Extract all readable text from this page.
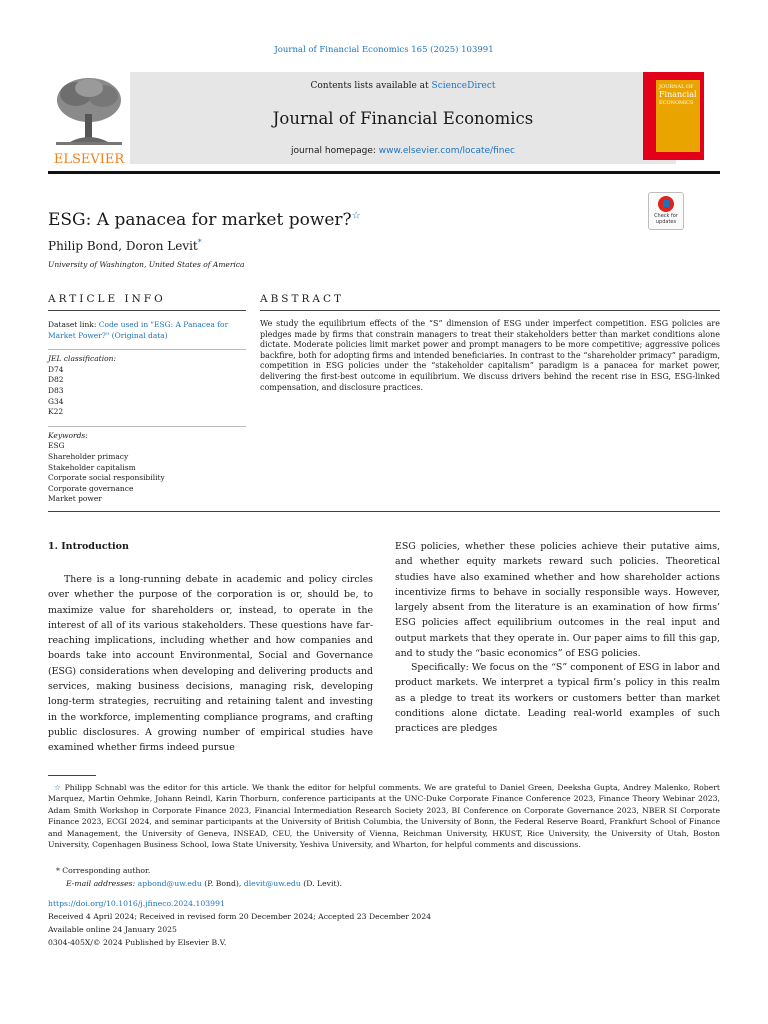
Journal of Financial Economics 165 (2025) 103991
ELSEVIER
Contents lists available at ScienceDirect
Journal of Financial Economics
journal homepage: www.elsevier.com/locate/finec
JOURNAL OF
Financial
ECONOMICS
ESG: A panacea for market power?☆	Check for
updates
Philip Bond, Doron Levit*
University of Washington, United States of America
ARTICLE INFO	ABSTRACT
Dataset link: Code used in "ESG: A Panacea for Market Power?" (Original data)
JEL classification:
D74
D82
D83
G34
K22
Keywords:
ESG
Shareholder primacy
Stakeholder capitalism
Corporate social responsibility
Corporate governance
Market power
We study the equilibrium effects of the “S” dimension of ESG under imperfect competition. ESG policies are pledges made by firms that constrain managers to treat their stakeholders better than market conditions alone dictate. Moderate policies limit market power and prompt managers to be more competitive; aggressive polices backfire, both for adopting firms and intended beneficiaries. In contrast to the “shareholder primacy” paradigm, competition in ESG policies under the “stakeholder capitalism” paradigm is a panacea for market power, delivering the first-best outcome in equilibrium. We discuss drivers behind the recent rise in ESG, ESG-linked compensation, and disclosure practices.
1. Introduction
There is a long-running debate in academic and policy circles over whether the purpose of the corporation is or, should be, to maximize value for shareholders or, instead, to operate in the interest of all of its various stakeholders. These questions have far-reaching implications, including whether and how companies and boards take into account Environmental, Social and Governance (ESG) considerations when developing and delivering products and services, making business decisions, managing risk, developing long-term strategies, recruiting and retaining talent and investing in the workforce, implementing compliance programs, and crafting public disclosures. A growing number of empirical studies have examined whether firms indeed pursue
ESG policies, whether these policies achieve their putative aims, and whether equity markets reward such policies. Theoretical studies have also examined whether and how shareholder actions incentivize firms to behave in socially responsible ways. However, largely absent from the literature is an examination of how firms’ ESG policies affect equilibrium outcomes in the real input and output markets that they operate in. Our paper aims to fill this gap, and to study the “basic economics” of ESG policies.
Specifically: We focus on the “S” component of ESG in labor and product markets. We interpret a typical firm’s policy in this realm as a pledge to treat its workers or customers better than market conditions alone dictate. Leading real-world examples of such practices are pledges
☆ Philipp Schnabl was the editor for this article. We thank the editor for helpful comments. We are grateful to Daniel Green, Deeksha Gupta, Andrey Malenko, Robert Marquez, Martin Oehmke, Johann Reindl, Karin Thorburn, conference participants at the UNC-Duke Corporate Finance Conference 2023, Finance Theory Webinar 2023, Adam Smith Workshop in Corporate Finance 2023, Financial Intermediation Research Society 2023, BI Conference on Corporate Governance 2023, NBER SI Corporate Finance 2023, ECGI 2024, and seminar participants at the University of British Columbia, the University of Bonn, the Federal Reserve Board, Frankfurt School of Finance and Management, the University of Geneva, INSEAD, CEU, the University of Vienna, Reichman University, HKUST, Rice University, the University of Utah, Boston University, Copenhagen Business School, Iowa State University, Yeshiva University, and Wharton, for helpful comments and discussions.
* Corresponding author.
E-mail addresses: apbond@uw.edu (P. Bond), dlevit@uw.edu (D. Levit).
https://doi.org/10.1016/j.jfineco.2024.103991
Received 4 April 2024; Received in revised form 20 December 2024; Accepted 23 December 2024
Available online 24 January 2025
0304-405X/© 2024 Published by Elsevier B.V.
